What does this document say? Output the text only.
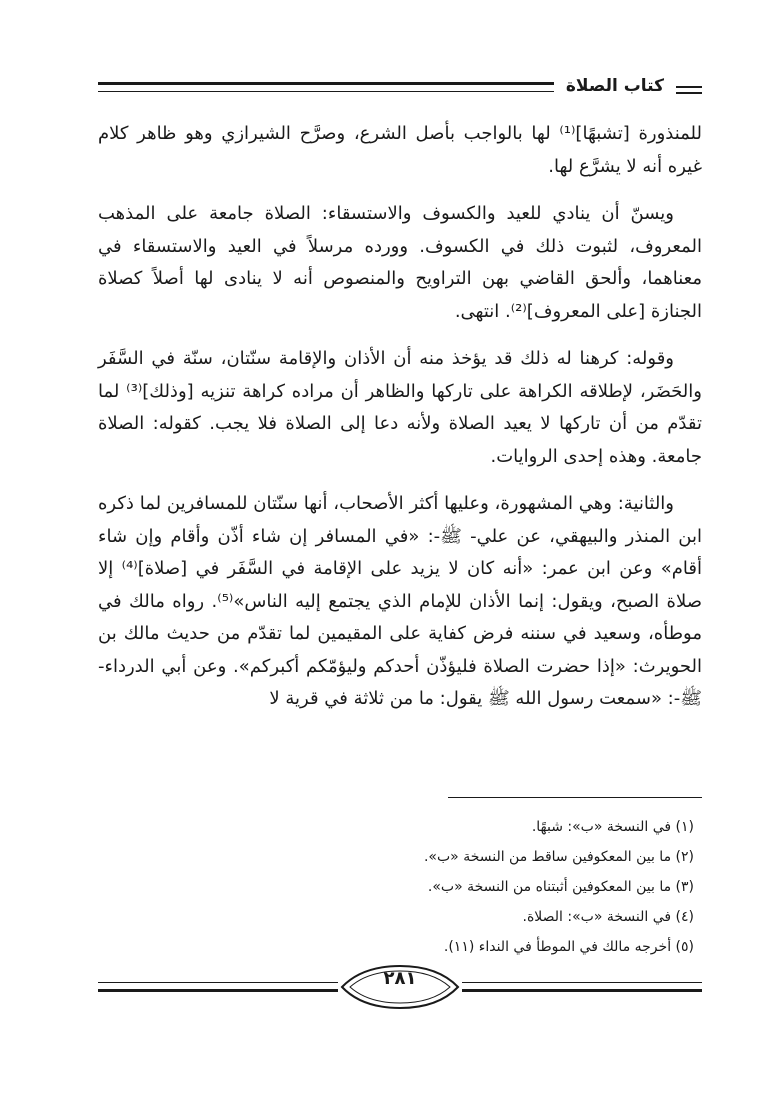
كتاب الصلاة

للمنذورة [تشبهًا]⁽¹⁾ لها بالواجب بأصل الشرع، وصرَّح الشيرازي وهو ظاهر كلام غيره أنه لا يشرَّع لها.

ويسنّ أن ينادي للعيد والكسوف والاستسقاء: الصلاة جامعة على المذهب المعروف، لثبوت ذلك في الكسوف. وورده مرسلاً في العيد والاستسقاء في معناهما، وألحق القاضي بهن التراويح والمنصوص أنه لا ينادى لها أصلاً كصلاة الجنازة [على المعروف]⁽²⁾. انتهى.

وقوله: كرهنا له ذلك قد يؤخذ منه أن الأذان والإقامة سنّتان، سنّة في السَّفَر والحَضَر، لإطلاقه الكراهة على تاركها والظاهر أن مراده كراهة تنزيه [وذلك]⁽³⁾ لما تقدّم من أن تاركها لا يعيد الصلاة ولأنه دعا إلى الصلاة فلا يجب. كقوله: الصلاة جامعة. وهذه إحدى الروايات.

والثانية: وهي المشهورة، وعليها أكثر الأصحاب، أنها سنّتان للمسافرين لما ذكره ابن المنذر والبيهقي، عن علي- ﷺ-: «في المسافر إن شاء أذّن وأقام وإن شاء أقام» وعن ابن عمر: «أنه كان لا يزيد على الإقامة في السَّفَر في [صلاة]⁽⁴⁾ إلا صلاة الصبح، ويقول: إنما الأذان للإمام الذي يجتمع إليه الناس»⁽⁵⁾. رواه مالك في موطأه، وسعيد في سننه فرض كفاية على المقيمين لما تقدّم من حديث مالك بن الحويرث: «إذا حضرت الصلاة فليؤذّن أحدكم وليؤمّكم أكبركم». وعن أبي الدرداء- ﷺ-: «سمعت رسول الله ﷺ يقول: ما من ثلاثة في قرية لا

(١) في النسخة «ب»: شبهًا.

(٢) ما بين المعكوفين ساقط من النسخة «ب».

(٣) ما بين المعكوفين أثبتناه من النسخة «ب».

(٤) في النسخة «ب»: الصلاة.

(٥) أخرجه مالك في الموطأ في النداء (١١).

٢٨١
